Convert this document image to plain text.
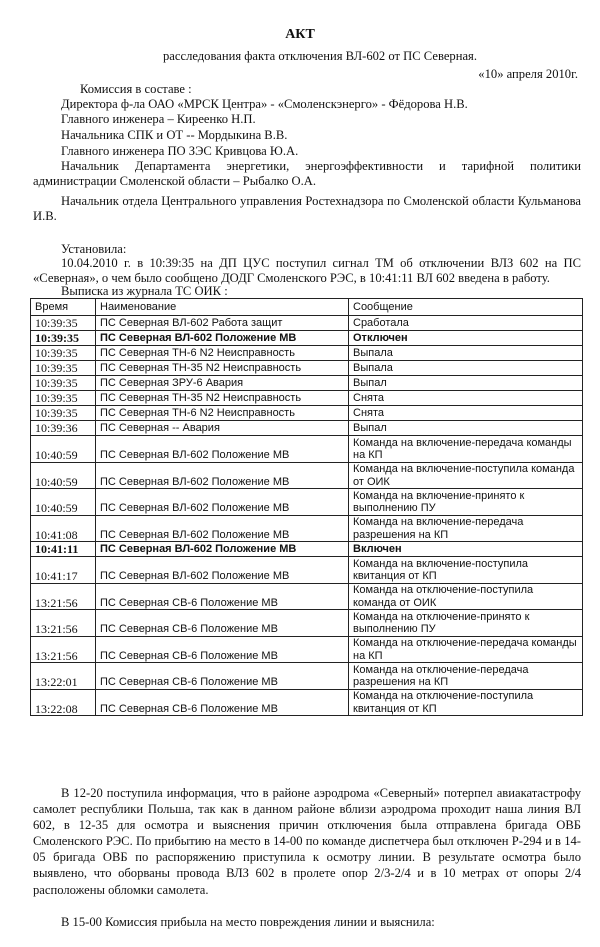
АКТ
расследования факта отключения ВЛ-602 от ПС Северная.
«10» апреля 2010г.
Комиссия в составе :
Директора ф-ла ОАО «МРСК Центра» - «Смоленскэнерго» - Фёдорова Н.В.
Главного инженера – Киреенко Н.П.
Начальника СПК и ОТ -- Мордыкина В.В.
Главного инженера ПО ЗЭС Кривцова Ю.А.
Начальник Департамента энергетики, энергоэффективности и тарифной политики администрации Смоленской области – Рыбалко О.А.
Начальник отдела Центрального управления Ростехнадзора по Смоленской области Кульманова И.В.
Установила:
10.04.2010 г. в 10:39:35 на ДП ЦУС поступил сигнал ТМ об отключении ВЛЗ 602 на ПС «Северная», о чем было сообщено ДОДГ Смоленского РЭС, в 10:41:11 ВЛ 602 введена в работу.
Выписка из журнала ТС ОИК :
Время	Наименование	Сообщение
10:39:35	ПС Северная ВЛ-602 Работа защит	Сработала
10:39:35	ПС Северная ВЛ-602 Положение МВ	Отключен
10:39:35	ПС Северная ТН-6 N2 Неисправность	Выпала
10:39:35	ПС Северная ТН-35 N2 Неисправность	Выпала
10:39:35	ПС Северная ЗРУ-6 Авария	Выпал
10:39:35	ПС Северная ТН-35 N2 Неисправность	Снята
10:39:35	ПС Северная ТН-6 N2 Неисправность	Снята
10:39:36	ПС Северная -- Авария	Выпал
10:40:59	ПС Северная ВЛ-602 Положение МВ	Команда на включение-передача команды на КП
10:40:59	ПС Северная ВЛ-602 Положение МВ	Команда на включение-поступила команда от ОИК
10:40:59	ПС Северная ВЛ-602 Положение МВ	Команда на включение-принято к выполнению ПУ
10:41:08	ПС Северная ВЛ-602 Положение МВ	Команда на включение-передача разрешения на КП
10:41:11	ПС Северная ВЛ-602 Положение МВ	Включен
10:41:17	ПС Северная ВЛ-602 Положение МВ	Команда на включение-поступила квитанция от КП
13:21:56	ПС Северная СВ-6 Положение МВ	Команда на отключение-поступила команда от ОИК
13:21:56	ПС Северная СВ-6 Положение МВ	Команда на отключение-принято к выполнению ПУ
13:21:56	ПС Северная СВ-6 Положение МВ	Команда на отключение-передача команды на КП
13:22:01	ПС Северная СВ-6 Положение МВ	Команда на отключение-передача разрешения на КП
13:22:08	ПС Северная СВ-6 Положение МВ	Команда на отключение-поступила квитанция от КП
В 12-20 поступила информация, что в районе аэродрома «Северный» потерпел авиакатастрофу самолет республики Польша, так как в данном районе вблизи аэродрома проходит наша линия ВЛ 602, в 12-35 для осмотра и выяснения причин отключения была отправлена бригада ОВБ Смоленского РЭС. По прибытию на место в 14-00 по команде диспетчера был отключен Р-294 и в 14-05 бригада ОВБ по распоряжению приступила к осмотру линии. В результате осмотра было выявлено, что оборваны провода ВЛЗ 602 в пролете опор 2/3-2/4 и в 10 метрах от опоры 2/4 расположены обломки самолета.
В 15-00 Комиссия прибыла на место повреждения линии и выяснила:
